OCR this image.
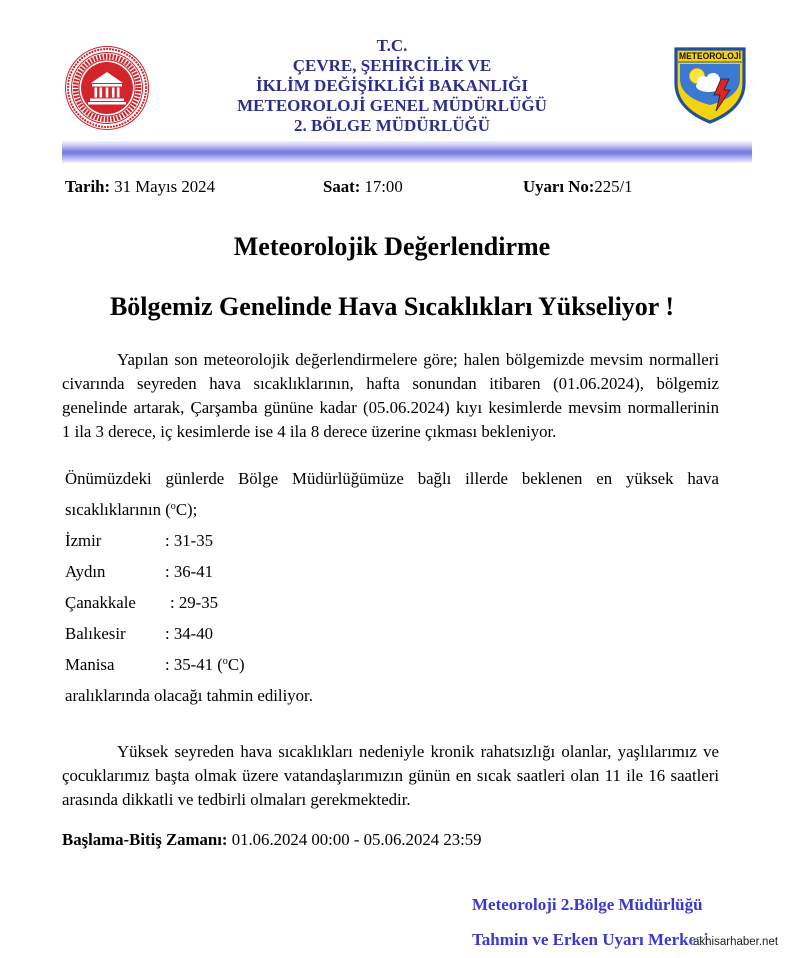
T.C.
ÇEVRE, ŞEHİRCİLİK VE
İKLİM DEĞİŞİKLİĞİ BAKANLIĞI
METEOROLOJİ GENEL MÜDÜRLÜĞÜ
2. BÖLGE MÜDÜRLÜĞÜ
METEOROLOJİ
Tarih: 31 Mayıs 2024	Saat: 17:00	Uyarı No:225/1
Meteorolojik Değerlendirme
Bölgemiz Genelinde Hava Sıcaklıkları Yükseliyor !
Yapılan son meteorolojik değerlendirmelere göre; halen bölgemizde mevsim normalleri
civarında seyreden hava sıcaklıklarının, hafta sonundan itibaren (01.06.2024), bölgemiz
genelinde artarak, Çarşamba gününe kadar (05.06.2024) kıyı kesimlerde mevsim normallerinin
1 ila 3 derece, iç kesimlerde ise 4 ila 8 derece üzerine çıkması bekleniyor.
Önümüzdeki günlerde Bölge Müdürlüğümüze bağlı illerde beklenen en yüksek hava
sıcaklıklarının ($^o$C);
İzmir	: 31-35
Aydın	: 36-41
Çanakkale : 29-35
Balıkesir : 34-40
Manisa	: 35-41 ($^o$C)
aralıklarında olacağı tahmin ediliyor.
Yüksek seyreden hava sıcaklıkları nedeniyle kronik rahatsızlığı olanlar, yaşlılarımız ve
çocuklarımız başta olmak üzere vatandaşlarımızın günün en sıcak saatleri olan 11 ile 16 saatleri
arasında dikkatli ve tedbirli olmaları gerekmektedir.
Başlama-Bitiş Zamanı: 01.06.2024 00:00 - 05.06.2024 23:59
Meteoroloji 2.Bölge Müdürlüğü
Tahmin ve Erken Uyarı Merkezi
akhisarhaber.net
